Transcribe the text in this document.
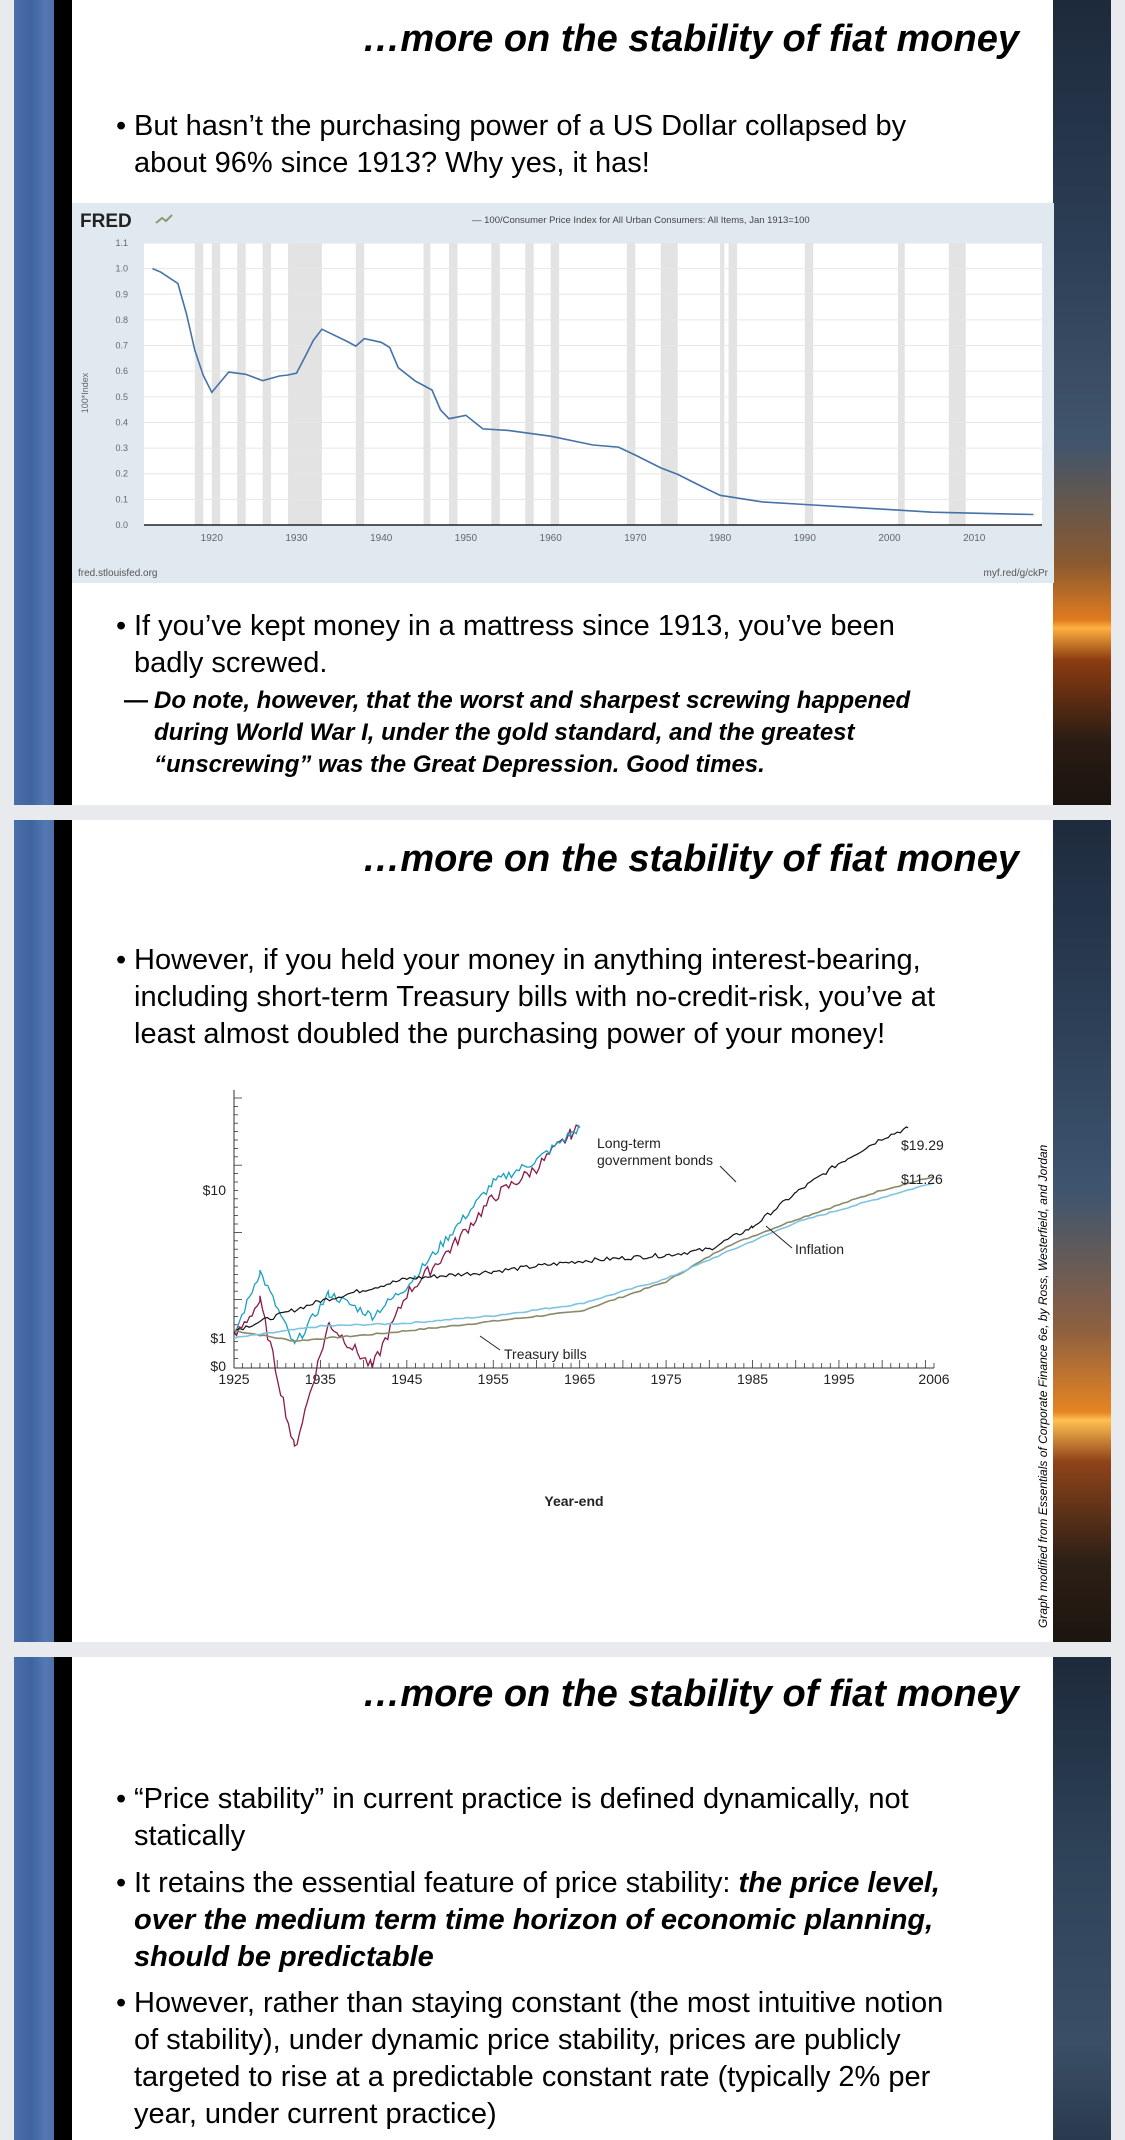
…more on the stability of fiat money
• But hasn’t the purchasing power of a US Dollar collapsed by
about 96% since 1913? Why yes, it has!
FRED	— 100/Consumer Price Index for All Urban Consumers: All Items, Jan 1913=100
0.0
0.1
0.2
0.3
0.4
0.5
0.6
0.7
0.8
0.9
1.0
1.1
1920	1930	1940	1950	1960	1970	1980	1990	2000	2010
100*Index
fred.stlouisfed.org	myf.red/g/ckPr
• If you’ve kept money in a mattress since 1913, you’ve been
badly screwed.
— Do note, however, that the worst and sharpest screwing happened
during World War I, under the gold standard, and the greatest
“unscrewing” was the Great Depression. Good times.
…more on the stability of fiat money
• However, if you held your money in anything interest-bearing,
including short-term Treasury bills with no-credit-risk, you’ve at
least almost doubled the purchasing power of your money!
$10
$1
$0
1925	1935	1945	1955	1965	1975	1985	1995	2006
Long-term
government bonds
$19.29
$11.26
Inflation
Treasury bills
Year-end	Graph modified from Essentials of Corporate Finance 6e, by Ross, Westerfield, and Jordan
…more on the stability of fiat money
• “Price stability” in current practice is defined dynamically, not
statically
• It retains the essential feature of price stability: the price level,
over the medium term time horizon of economic planning,
should be predictable
• However, rather than staying constant (the most intuitive notion
of stability), under dynamic price stability, prices are publicly
targeted to rise at a predictable constant rate (typically 2% per
year, under current practice)
